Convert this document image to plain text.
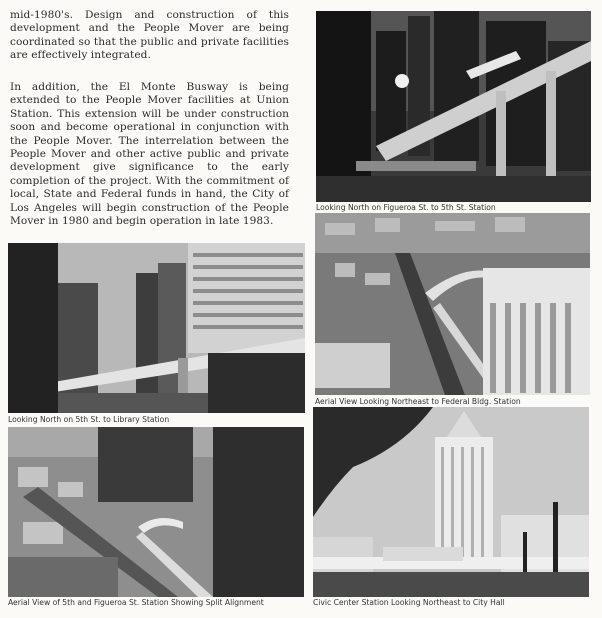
mid-1980's. Design and construction of this development and the People Mover are being coordinated so that the public and private facilities are effectively integrated.

In addition, the El Monte Busway is being extended to the People Mover facilities at Union Station. This extension will be under construction soon and become operational in conjunction with the People Mover. The interrelation between the People Mover and other active public and private development give significance to the early completion of the project. With the commitment of local, State and Federal funds in hand, the City of Los Angeles will begin construction of the People Mover in 1980 and begin operation in late 1983.

Looking North on Figueroa St. to 5th St. Station

Looking North on 5th St. to Library Station

Aerial View Looking Northeast to Federal Bldg. Station

Aerial View of 5th and Figueroa St. Station Showing Split Alignment	Civic Center Station Looking Northeast to City Hall
